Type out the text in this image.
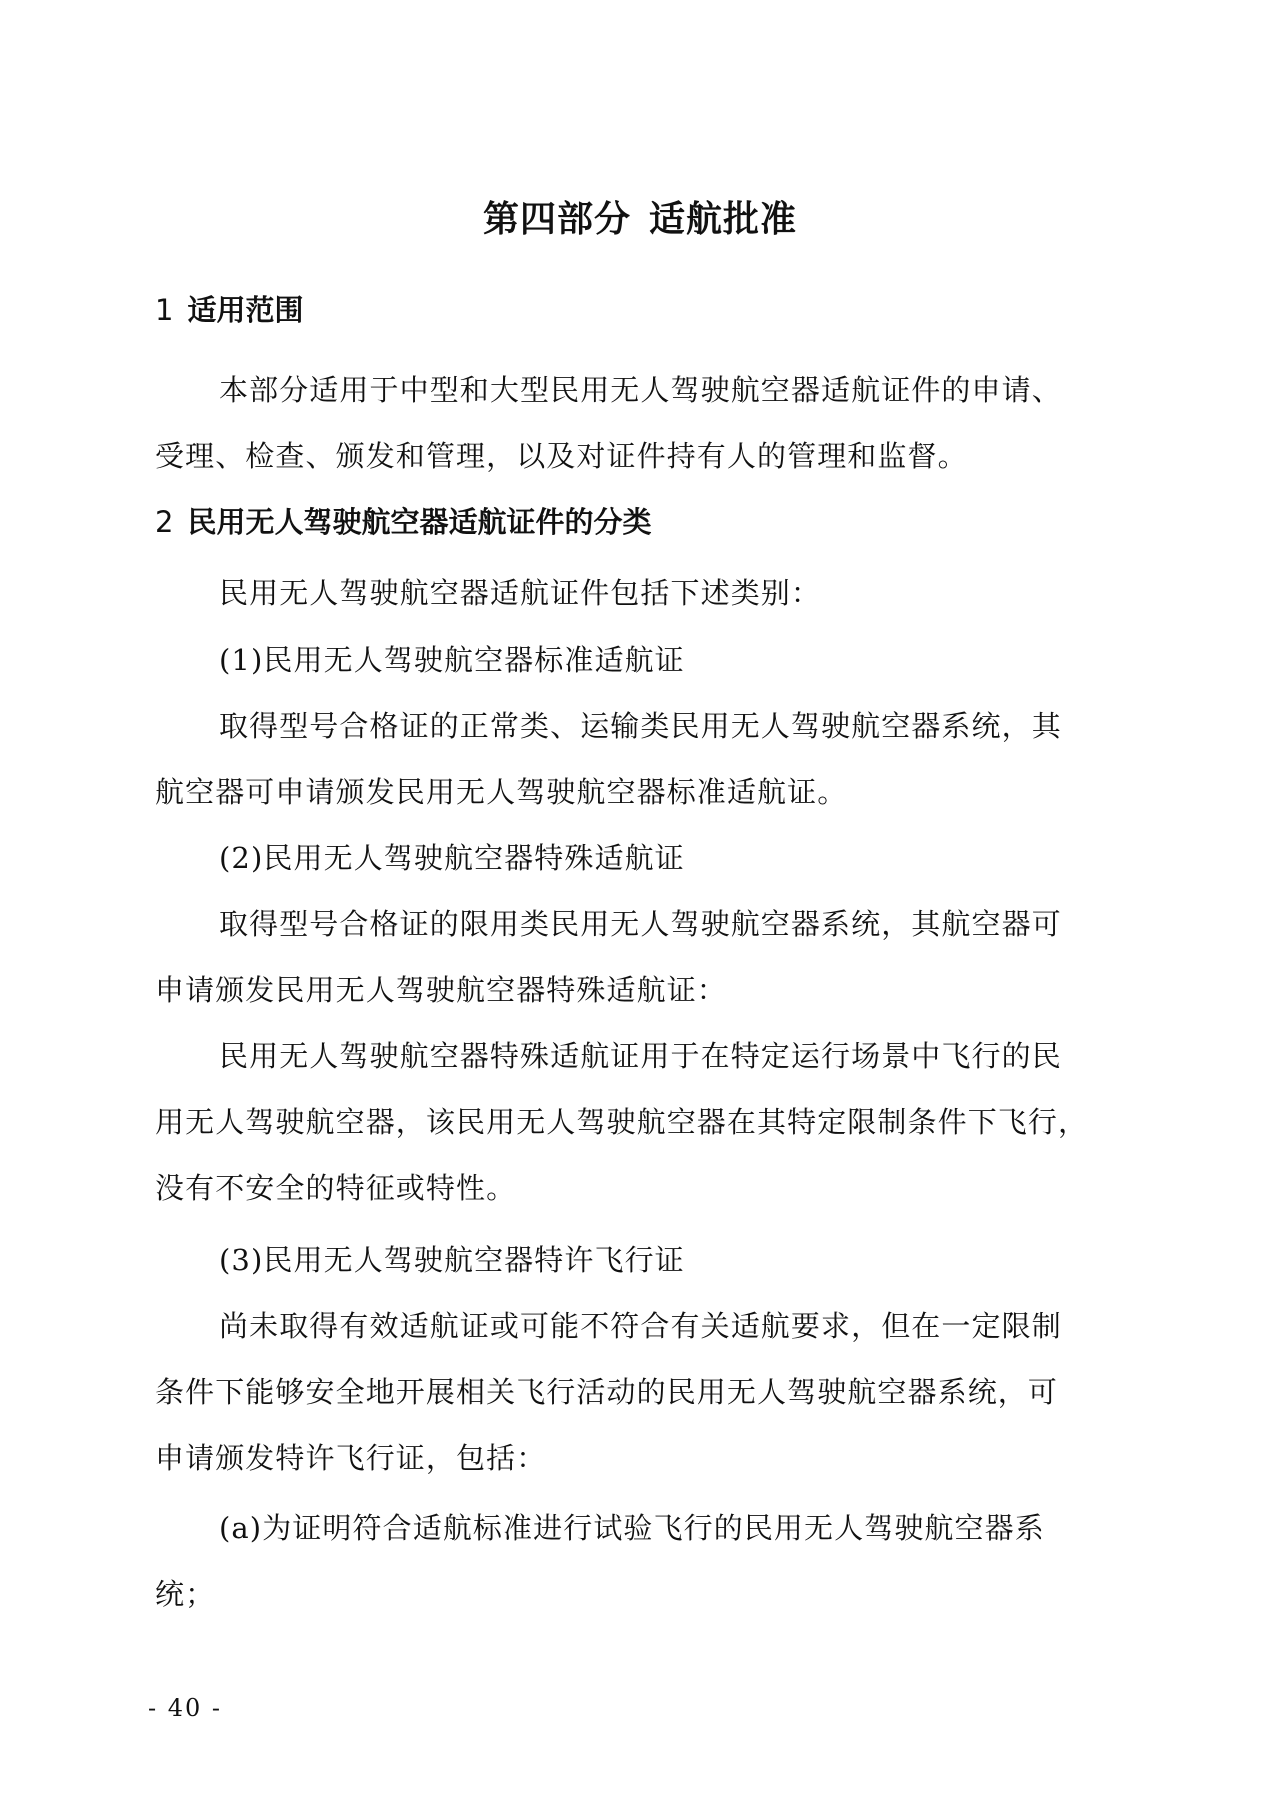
第四部分 适航批准
1 适用范围
本部分适用于中型和大型民用无人驾驶航空器适航证件的申请、
受理、检查、颁发和管理，以及对证件持有人的管理和监督。
2 民用无人驾驶航空器适航证件的分类
民用无人驾驶航空器适航证件包括下述类别：
(1)民用无人驾驶航空器标准适航证
取得型号合格证的正常类、运输类民用无人驾驶航空器系统，其
航空器可申请颁发民用无人驾驶航空器标准适航证。
(2)民用无人驾驶航空器特殊适航证
取得型号合格证的限用类民用无人驾驶航空器系统，其航空器可
申请颁发民用无人驾驶航空器特殊适航证：
民用无人驾驶航空器特殊适航证用于在特定运行场景中飞行的民
用无人驾驶航空器，该民用无人驾驶航空器在其特定限制条件下飞行，
没有不安全的特征或特性。
(3)民用无人驾驶航空器特许飞行证
尚未取得有效适航证或可能不符合有关适航要求，但在一定限制
条件下能够安全地开展相关飞行活动的民用无人驾驶航空器系统，可
申请颁发特许飞行证，包括：
(a)为证明符合适航标准进行试验飞行的民用无人驾驶航空器系
统；
- 40 -
